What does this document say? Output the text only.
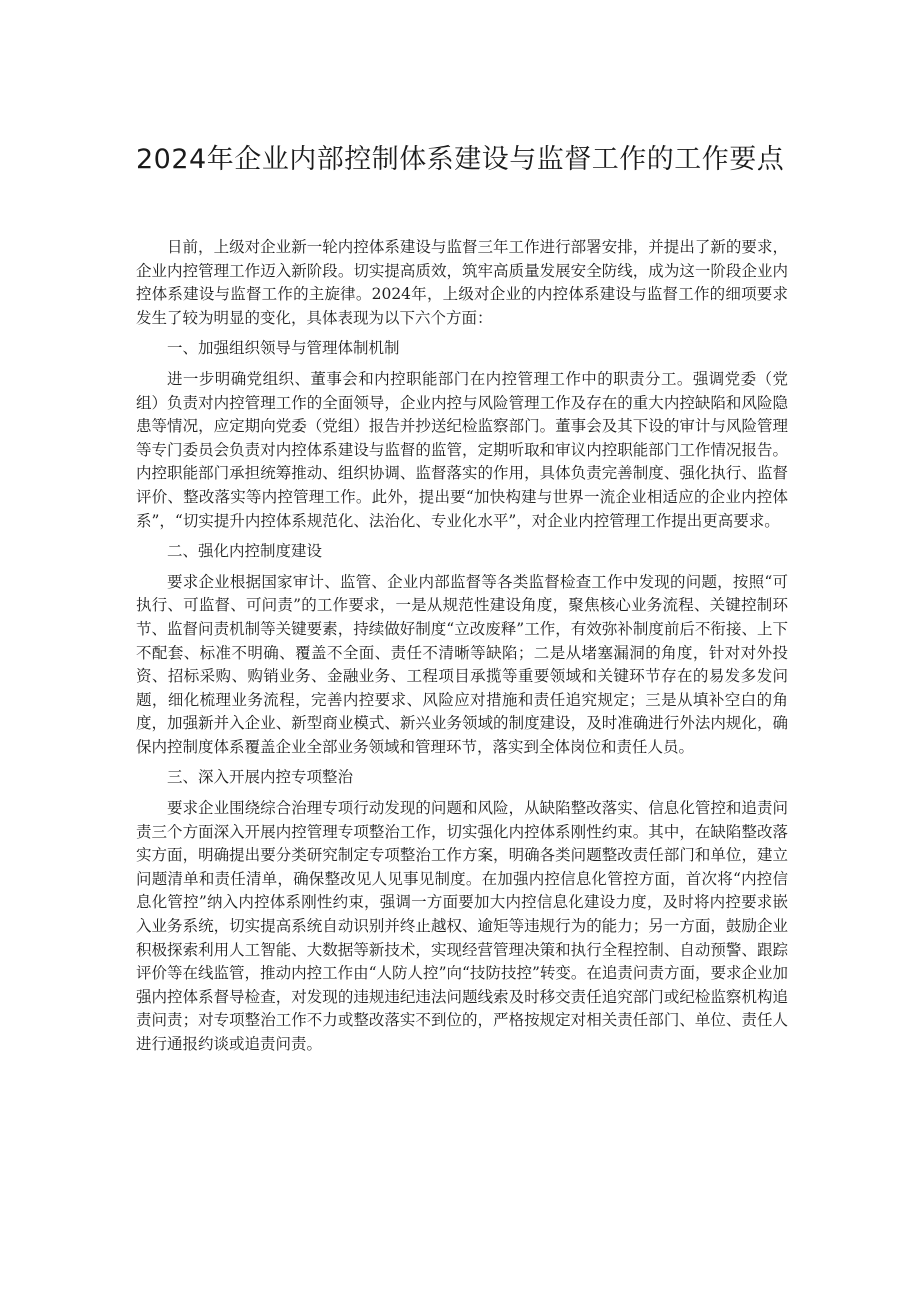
2024年企业内部控制体系建设与监督工作的工作要点

日前，上级对企业新一轮内控体系建设与监督三年工作进行部署安排，并提出了新的要求，企业内控管理工作迈入新阶段。切实提高质效，筑牢高质量发展安全防线，成为这一阶段企业内控体系建设与监督工作的主旋律。2024年，上级对企业的内控体系建设与监督工作的细项要求发生了较为明显的变化，具体表现为以下六个方面：

一、加强组织领导与管理体制机制

进一步明确党组织、董事会和内控职能部门在内控管理工作中的职责分工。强调党委（党组）负责对内控管理工作的全面领导，企业内控与风险管理工作及存在的重大内控缺陷和风险隐患等情况，应定期向党委（党组）报告并抄送纪检监察部门。董事会及其下设的审计与风险管理等专门委员会负责对内控体系建设与监督的监管，定期听取和审议内控职能部门工作情况报告。内控职能部门承担统筹推动、组织协调、监督落实的作用，具体负责完善制度、强化执行、监督评价、整改落实等内控管理工作。此外，提出要“加快构建与世界一流企业相适应的企业内控体系”，“切实提升内控体系规范化、法治化、专业化水平”，对企业内控管理工作提出更高要求。

二、强化内控制度建设

要求企业根据国家审计、监管、企业内部监督等各类监督检查工作中发现的问题，按照“可执行、可监督、可问责”的工作要求，一是从规范性建设角度，聚焦核心业务流程、关键控制环节、监督问责机制等关键要素，持续做好制度“立改废释”工作，有效弥补制度前后不衔接、上下不配套、标准不明确、覆盖不全面、责任不清晰等缺陷；二是从堵塞漏洞的角度，针对对外投资、招标采购、购销业务、金融业务、工程项目承揽等重要领域和关键环节存在的易发多发问题，细化梳理业务流程，完善内控要求、风险应对措施和责任追究规定；三是从填补空白的角度，加强新并入企业、新型商业模式、新兴业务领域的制度建设，及时准确进行外法内规化，确保内控制度体系覆盖企业全部业务领域和管理环节，落实到全体岗位和责任人员。

三、深入开展内控专项整治

要求企业围绕综合治理专项行动发现的问题和风险，从缺陷整改落实、信息化管控和追责问责三个方面深入开展内控管理专项整治工作，切实强化内控体系刚性约束。其中，在缺陷整改落实方面，明确提出要分类研究制定专项整治工作方案，明确各类问题整改责任部门和单位，建立问题清单和责任清单，确保整改见人见事见制度。在加强内控信息化管控方面，首次将“内控信息化管控”纳入内控体系刚性约束，强调一方面要加大内控信息化建设力度，及时将内控要求嵌入业务系统，切实提高系统自动识别并终止越权、逾矩等违规行为的能力；另一方面，鼓励企业积极探索利用人工智能、大数据等新技术，实现经营管理决策和执行全程控制、自动预警、跟踪评价等在线监管，推动内控工作由“人防人控”向“技防技控”转变。在追责问责方面，要求企业加强内控体系督导检查，对发现的违规违纪违法问题线索及时移交责任追究部门或纪检监察机构追责问责；对专项整治工作不力或整改落实不到位的，严格按规定对相关责任部门、单位、责任人进行通报约谈或追责问责。
